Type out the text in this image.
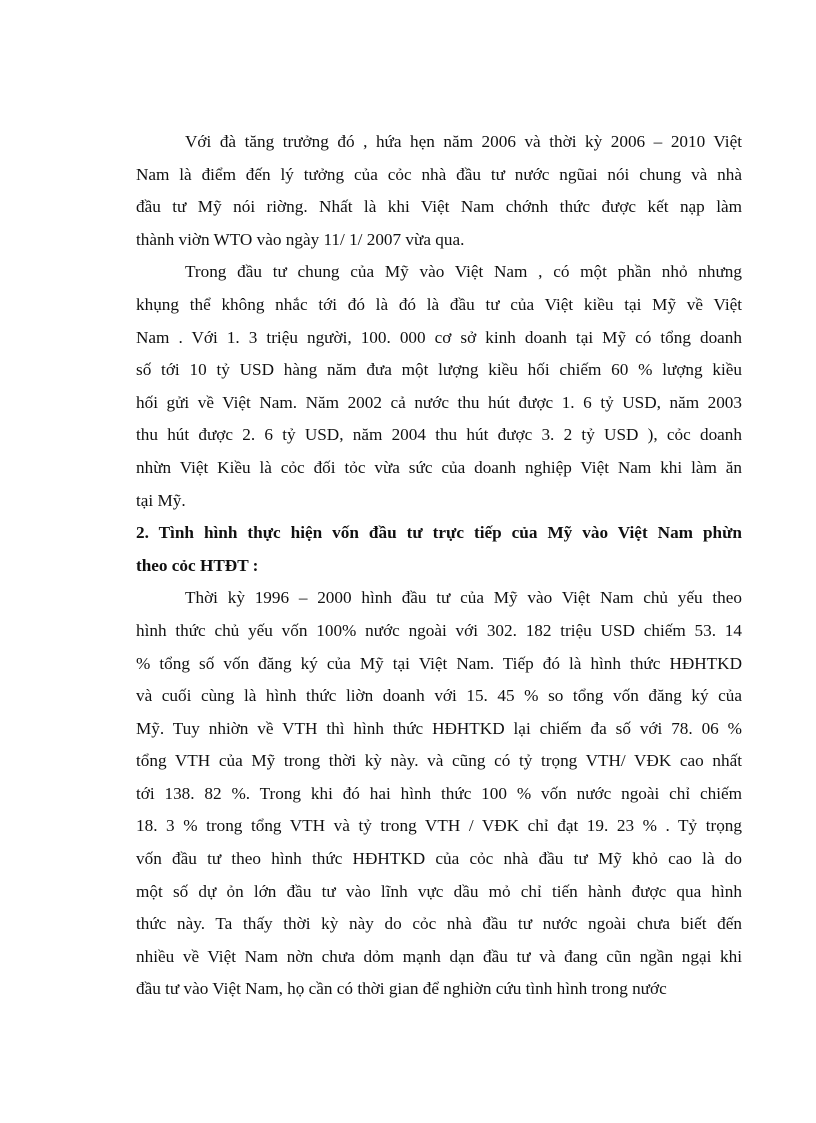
Với đà tăng trưởng đó , hứa hẹn năm 2006 và thời kỳ 2006 – 2010 Việt
Nam là điểm đến lý tưởng của cỏc nhà đầu tư nước ngũai nói chung và nhà
đầu tư Mỹ nói riờng. Nhất là khi Việt Nam chớnh thức được kết nạp làm
thành viờn WTO vào ngày 11/ 1/ 2007 vừa qua.

Trong đầu tư chung của Mỹ vào Việt Nam , có một phần nhỏ nhưng
khụng thể không nhắc tới đó là đó là đầu tư của Việt kiều tại Mỹ về Việt
Nam . Với 1. 3 triệu người, 100. 000 cơ sở kinh doanh tại Mỹ có tổng doanh
số tới 10 tỷ USD hàng năm đưa một lượng kiều hối chiếm 60 % lượng kiều
hối gửi về Việt Nam. Năm 2002 cả nước thu hút được 1. 6 tỷ USD, năm 2003
thu hút được 2. 6 tỷ USD, năm 2004 thu hút được 3. 2 tỷ USD ), cỏc doanh
nhừn Việt Kiều là cỏc đối tỏc vừa sức của doanh nghiệp Việt Nam khi làm ăn
tại Mỹ.

2. Tình hình thực hiện vốn đầu tư trực tiếp của Mỹ vào Việt Nam phừn
theo cỏc HTĐT :

Thời kỳ 1996 – 2000 hình đầu tư của Mỹ vào Việt Nam chủ yếu theo
hình thức chủ yếu vốn 100% nước ngoài với 302. 182 triệu USD chiếm 53. 14
% tổng số vốn đăng ký của Mỹ tại Việt Nam. Tiếp đó là hình thức HĐHTKD
và cuối cùng là hình thức liờn doanh với 15. 45 % so tổng vốn đăng ký của
Mỹ. Tuy nhiờn về VTH thì hình thức HĐHTKD lại chiếm đa số với 78. 06 %
tổng VTH của Mỹ trong thời kỳ này. và cũng có tỷ trọng VTH/ VĐK cao nhất
tới 138. 82 %. Trong khi đó hai hình thức 100 % vốn nước ngoài chỉ chiếm
18. 3 % trong tổng VTH và tỷ trong VTH / VĐK chỉ đạt 19. 23 % . Tỷ trọng
vốn đầu tư theo hình thức HĐHTKD của cỏc nhà đầu tư Mỹ khỏ cao là do
một số dự ỏn lớn đầu tư vào lĩnh vực dầu mỏ chỉ tiến hành được qua hình
thức này. Ta thấy thời kỳ này do cỏc nhà đầu tư nước ngoài chưa biết đến
nhiều về Việt Nam nờn chưa dỏm mạnh dạn đầu tư và đang cũn ngần ngại khi
đầu tư vào Việt Nam, họ cần có thời gian để nghiờn cứu tình hình trong nước
